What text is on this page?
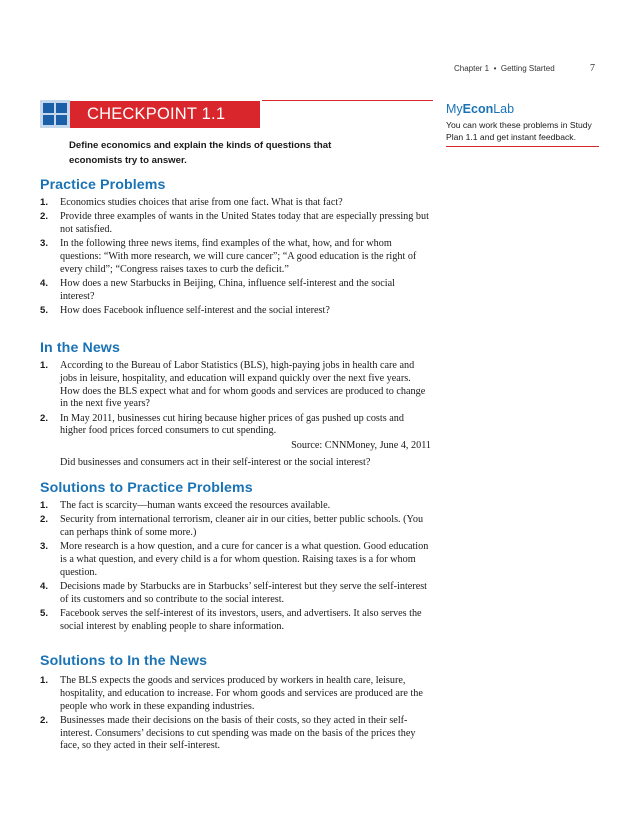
Chapter 1 • Getting Started	7
CHECKPOINT 1.1
Define economics and explain the kinds of questions that economists try to answer.
MyEconLab
You can work these problems in Study Plan 1.1 and get instant feedback.
Practice Problems
1. Economics studies choices that arise from one fact. What is that fact?
2. Provide three examples of wants in the United States today that are especially pressing but not satisfied.
3. In the following three news items, find examples of the what, how, and for whom questions: “With more research, we will cure cancer”; “A good education is the right of every child”; “Congress raises taxes to curb the deficit.”
4. How does a new Starbucks in Beijing, China, influence self-interest and the social interest?
5. How does Facebook influence self-interest and the social interest?
In the News
1. According to the Bureau of Labor Statistics (BLS), high-paying jobs in health care and jobs in leisure, hospitality, and education will expand quickly over the next five years. How does the BLS expect what and for whom goods and services are produced to change in the next five years?
2. In May 2011, businesses cut hiring because higher prices of gas pushed up costs and higher food prices forced consumers to cut spending.
Source: CNNMoney, June 4, 2011
Did businesses and consumers act in their self-interest or the social interest?
Solutions to Practice Problems
1. The fact is scarcity—human wants exceed the resources available.
2. Security from international terrorism, cleaner air in our cities, better public schools. (You can perhaps think of some more.)
3. More research is a how question, and a cure for cancer is a what question. Good education is a what question, and every child is a for whom question. Raising taxes is a for whom question.
4. Decisions made by Starbucks are in Starbucks’ self-interest but they serve the self-interest of its customers and so contribute to the social interest.
5. Facebook serves the self-interest of its investors, users, and advertisers. It also serves the social interest by enabling people to share information.
Solutions to In the News
1. The BLS expects the goods and services produced by workers in health care, leisure, hospitality, and education to increase. For whom goods and services are produced are the people who work in these expanding industries.
2. Businesses made their decisions on the basis of their costs, so they acted in their self-interest. Consumers’ decisions to cut spending was made on the basis of the prices they face, so they acted in their self-interest.
